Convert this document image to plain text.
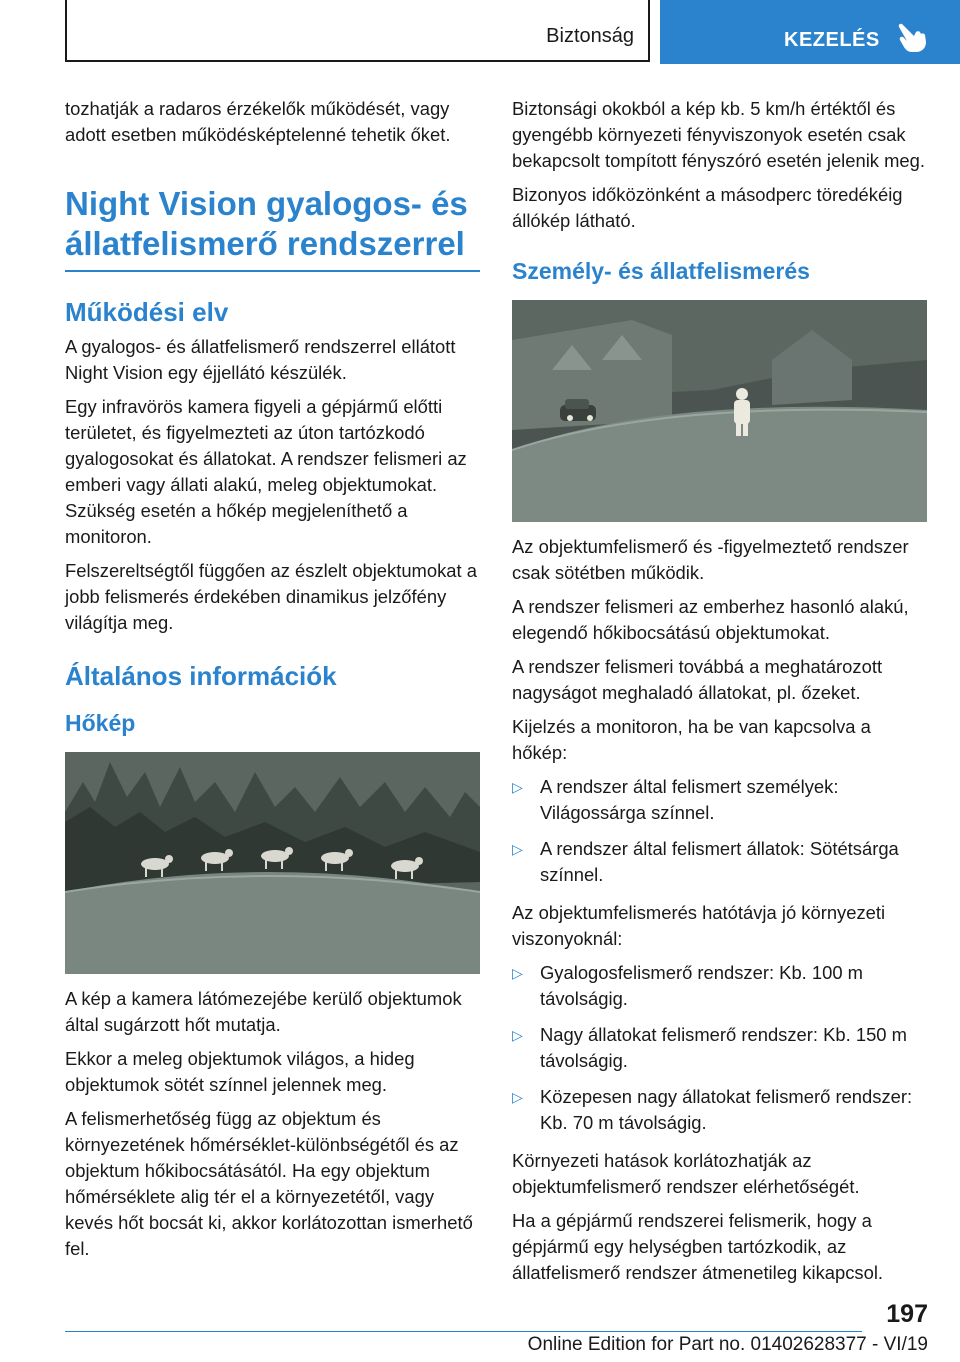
Biztonság	KEZELÉS

tozhatják a radaros érzékelők működését, vagy adott esetben működésképtelenné tehetik őket.

Night Vision gyalogos- és állatfelismerő rendszerrel
Működési elv

A gyalogos- és állatfelismerő rendszerrel ellátott Night Vision egy éjjellátó készülék.

Egy infravörös kamera figyeli a gépjármű előtti területet, és figyelmezteti az úton tartózkodó gyalogosokat és állatokat. A rendszer felismeri az emberi vagy állati alakú, meleg objektumokat. Szükség esetén a hőkép megjeleníthető a monitoron.

Felszereltségtől függően az észlelt objektumokat a jobb felismerés érdekében dinamikus jelzőfény világítja meg.

Általános információk
Hőkép

A kép a kamera látómezejébe kerülő objektumok által sugárzott hőt mutatja.

Ekkor a meleg objektumok világos, a hideg objektumok sötét színnel jelennek meg.

A felismerhetőség függ az objektum és környezetének hőmérséklet-különbségétől és az objektum hőkibocsátásától. Ha egy objektum hőmérséklete alig tér el a környezetétől, vagy kevés hőt bocsát ki, akkor korlátozottan ismerhető fel.

Biztonsági okokból a kép kb. 5 km/h értéktől és gyengébb környezeti fényviszonyok esetén csak bekapcsolt tompított fényszóró esetén jelenik meg.

Bizonyos időközönként a másodperc töredékéig állókép látható.

Személy- és állatfelismerés

Az objektumfelismerő és -figyelmeztető rendszer csak sötétben működik.

A rendszer felismeri az emberhez hasonló alakú, elegendő hőkibocsátású objektumokat.

A rendszer felismeri továbbá a meghatározott nagyságot meghaladó állatokat, pl. őzeket.

Kijelzés a monitoron, ha be van kapcsolva a hőkép:

▷ A rendszer által felismert személyek: Világossárga színnel.
▷ A rendszer által felismert állatok: Sötétsárga színnel.

Az objektumfelismerés hatótávja jó környezeti viszonyoknál:

▷ Gyalogosfelismerő rendszer: Kb. 100 m távolságig.
▷ Nagy állatokat felismerő rendszer: Kb. 150 m távolságig.
▷ Közepesen nagy állatokat felismerő rendszer: Kb. 70 m távolságig.

Környezeti hatások korlátozhatják az objektumfelismerő rendszer elérhetőségét.

Ha a gépjármű rendszerei felismerik, hogy a gépjármű egy helységben tartózkodik, az állatfelismerő rendszer átmenetileg kikapcsol.

197
Online Edition for Part no. 01402628377 - VI/19
